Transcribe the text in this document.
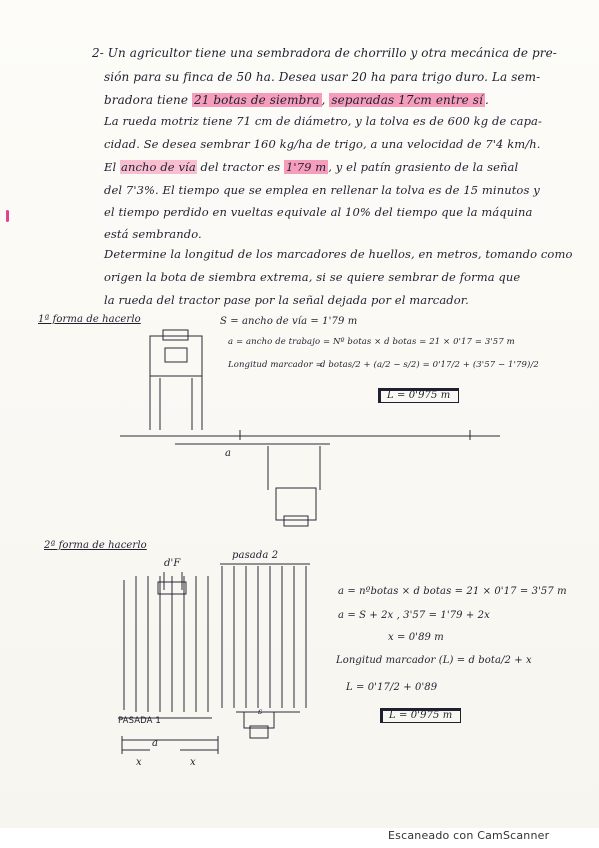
2- Un agricultor tiene una sembradora de chorrillo y otra mecánica de pre-
sión para su finca de 50 ha. Desea usar 20 ha para trigo duro. La sem-
bradora tiene 21 botas de siembra , separadas 17cm entre sí .
La rueda motriz tiene 71 cm de diámetro, y la tolva es de 600 kg de capa-
cidad. Se desea sembrar 160 kg/ha de trigo, a una velocidad de 7'4 km/h.
El ancho de vía del tractor es 1'79 m , y el patín grasiento de la señal
del 7'3%. El tiempo que se emplea en rellenar la tolva es de 15 minutos y
el tiempo perdido en vueltas equivale al 10% del tiempo que la máquina
está sembrando.
Determine la longitud de los marcadores de huellos, en metros, tomando como
origen la bota de siembra extrema, si se quiere sembrar de forma que
la rueda del tractor pase por la señal dejada por el marcador.
1ª forma de hacerlo	S = ancho de vía = 1'79 m
a = ancho de trabajo = Nº botas × d botas = 21 × 0'17 = 3'57 m
Longitud marcador =
d botas/2 + (a/2 − s/2) = 0'17/2 + (3'57 − 1'79)/2
L = 0'975 m
a
2ª forma de hacerlo
pasada 2
d'F
PASADA 1
a
x	x
s
a = nºbotas × d botas = 21 × 0'17 = 3'57 m
a = S + 2x , 3'57 = 1'79 + 2x
x = 0'89 m
Longitud marcador (L) = d bota/2 + x
L = 0'17/2 + 0'89
L = 0'975 m
Escaneado con CamScanner
